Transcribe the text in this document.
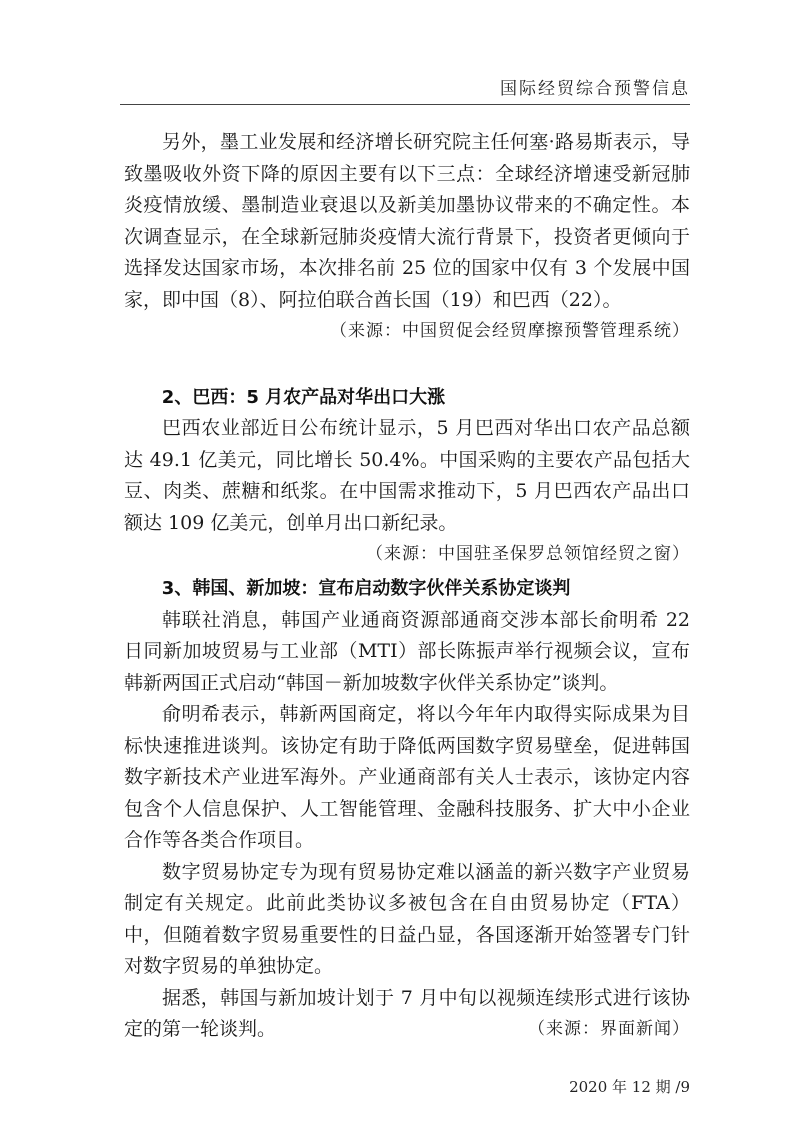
国际经贸综合预警信息

另外，墨工业发展和经济增长研究院主任何塞·路易斯表示，导致墨吸收外资下降的原因主要有以下三点：全球经济增速受新冠肺炎疫情放缓、墨制造业衰退以及新美加墨协议带来的不确定性。本次调查显示，在全球新冠肺炎疫情大流行背景下，投资者更倾向于选择发达国家市场，本次排名前 25 位的国家中仅有 3 个发展中国家，即中国（8）、阿拉伯联合酋长国（19）和巴西（22）。

（来源：中国贸促会经贸摩擦预警管理系统）
2、巴西：5 月农产品对华出口大涨

巴西农业部近日公布统计显示，5 月巴西对华出口农产品总额达 49.1 亿美元，同比增长 50.4%。中国采购的主要农产品包括大豆、肉类、蔗糖和纸浆。在中国需求推动下，5 月巴西农产品出口额达 109 亿美元，创单月出口新纪录。
（来源：中国驻圣保罗总领馆经贸之窗）

3、韩国、新加坡：宣布启动数字伙伴关系协定谈判

韩联社消息，韩国产业通商资源部通商交涉本部长俞明希 22 日同新加坡贸易与工业部（MTI）部长陈振声举行视频会议，宣布韩新两国正式启动“韩国－新加坡数字伙伴关系协定”谈判。

俞明希表示，韩新两国商定，将以今年年内取得实际成果为目标快速推进谈判。该协定有助于降低两国数字贸易壁垒，促进韩国数字新技术产业进军海外。产业通商部有关人士表示，该协定内容包含个人信息保护、人工智能管理、金融科技服务、扩大中小企业合作等各类合作项目。

数字贸易协定专为现有贸易协定难以涵盖的新兴数字产业贸易制定有关规定。此前此类协议多被包含在自由贸易协定（FTA）中，但随着数字贸易重要性的日益凸显，各国逐渐开始签署专门针对数字贸易的单独协定。

据悉，韩国与新加坡计划于 7 月中旬以视频连续形式进行该协定的第一轮谈判。	（来源：界面新闻）

2020 年 12 期 /9
